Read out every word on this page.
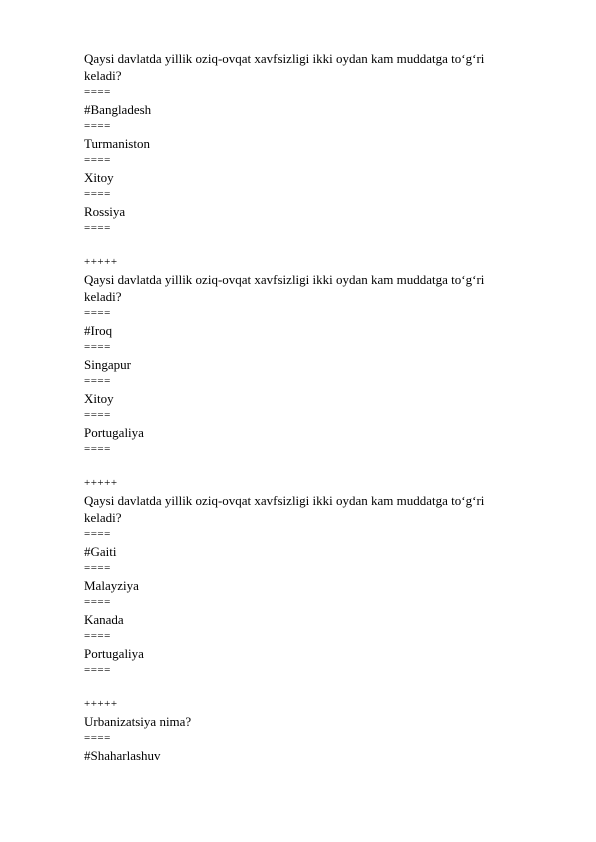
Qaysi davlatda yillik oziq-ovqat xavfsizligi ikki oydan kam muddatga to‘g‘ri keladi?

====

#Bangladesh

====

Turmaniston

====

Xitoy

====

Rossiya

====

+++++

Qaysi davlatda yillik oziq-ovqat xavfsizligi ikki oydan kam muddatga to‘g‘ri keladi?

====

#Iroq

====

Singapur

====

Xitoy

====

Portugaliya

====

+++++

Qaysi davlatda yillik oziq-ovqat xavfsizligi ikki oydan kam muddatga to‘g‘ri keladi?

====

#Gaiti

====

Malayziya

====

Kanada

====

Portugaliya

====

+++++

Urbanizatsiya nima?

====

#Shaharlashuv
